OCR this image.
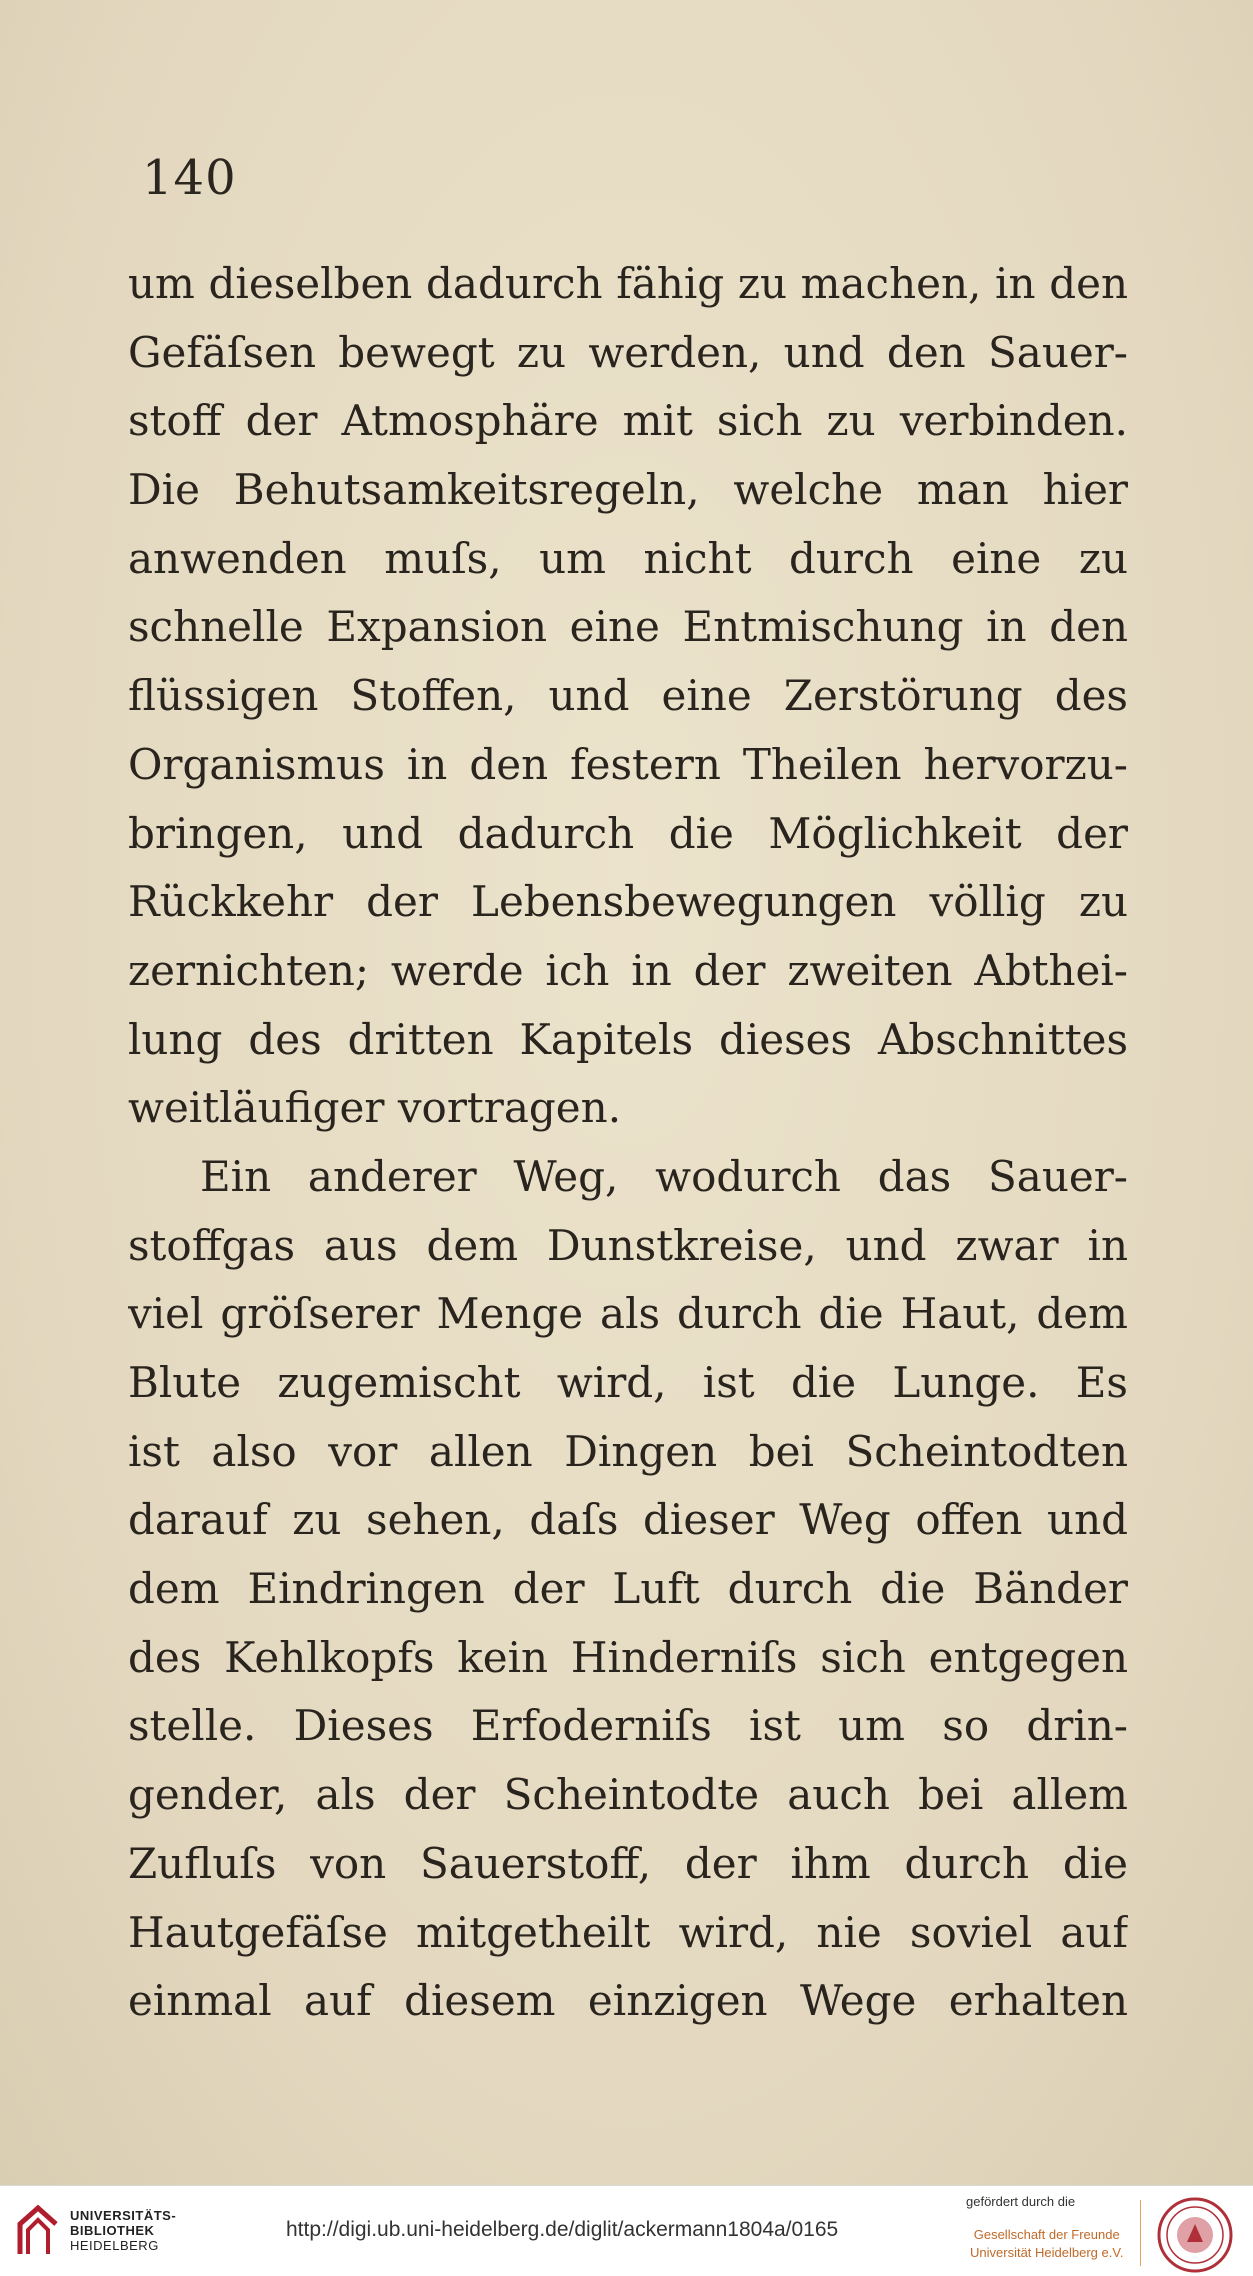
140
um dieselben dadurch fähig zu machen, in den
Gefäſsen bewegt zu werden, und den Sauer-
stoff der Atmosphäre mit sich zu verbinden.
Die Behutsamkeitsregeln, welche man hier
anwenden muſs, um nicht durch eine zu
schnelle Expansion eine Entmischung in den
flüssigen Stoffen, und eine Zerstörung des
Organismus in den festern Theilen hervorzu-
bringen, und dadurch die Möglichkeit der
Rückkehr der Lebensbewegungen völlig zu
zernichten; werde ich in der zweiten Abthei-
lung des dritten Kapitels dieses Abschnittes
weitläufiger vortragen.
Ein anderer Weg, wodurch das Sauer-
stoffgas aus dem Dunstkreise, und zwar in
viel gröſserer Menge als durch die Haut, dem
Blute zugemischt wird, ist die Lunge. Es
ist also vor allen Dingen bei Scheintodten
darauf zu sehen, daſs dieser Weg offen und
dem Eindringen der Luft durch die Bänder
des Kehlkopfs kein Hinderniſs sich entgegen
stelle. Dieses Erfoderniſs ist um so drin-
gender, als der Scheintodte auch bei allem
Zufluſs von Sauerstoff, der ihm durch die
Hautgefäſse mitgetheilt wird, nie soviel auf
einmal auf diesem einzigen Wege erhalten
UNIVERSITÄTS-
BIBLIOTHEK
HEIDELBERG
http://digi.ub.uni-heidelberg.de/diglit/ackermann1804a/0165
gefördert durch die
Gesellschaft der Freunde
Universität Heidelberg e.V.
